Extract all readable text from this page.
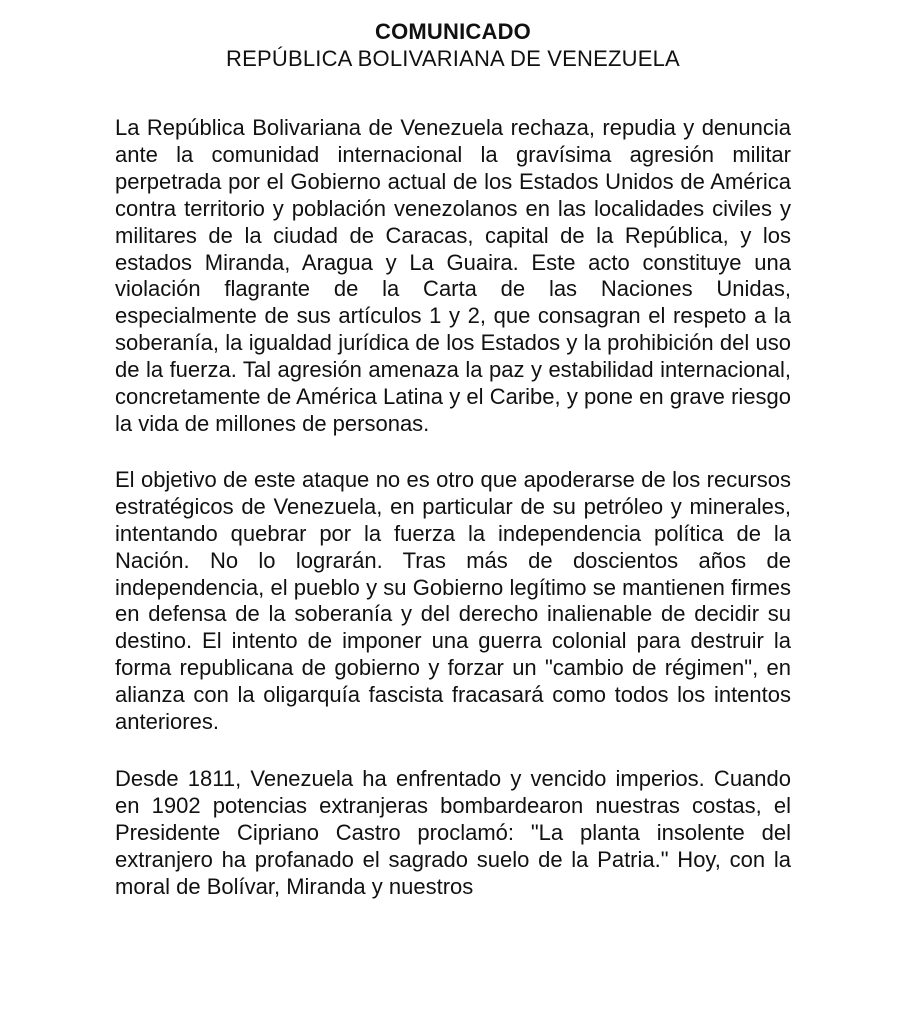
COMUNICADO
REPÚBLICA BOLIVARIANA DE VENEZUELA

La República Bolivariana de Venezuela rechaza, repudia y denuncia ante la comunidad internacional la gravísima agresión militar perpetrada por el Gobierno actual de los Estados Unidos de América contra territorio y población venezolanos en las localidades civiles y militares de la ciudad de Caracas, capital de la República, y los estados Miranda, Aragua y La Guaira. Este acto constituye una violación flagrante de la Carta de las Naciones Unidas, especialmente de sus artículos 1 y 2, que consagran el respeto a la soberanía, la igualdad jurídica de los Estados y la prohibición del uso de la fuerza. Tal agresión amenaza la paz y estabilidad internacional, concretamente de América Latina y el Caribe, y pone en grave riesgo la vida de millones de personas.

El objetivo de este ataque no es otro que apoderarse de los recursos estratégicos de Venezuela, en particular de su petróleo y minerales, intentando quebrar por la fuerza la independencia política de la Nación. No lo lograrán. Tras más de doscientos años de independencia, el pueblo y su Gobierno legítimo se mantienen firmes en defensa de la soberanía y del derecho inalienable de decidir su destino. El intento de imponer una guerra colonial para destruir la forma republicana de gobierno y forzar un "cambio de régimen", en alianza con la oligarquía fascista fracasará como todos los intentos anteriores.

Desde 1811, Venezuela ha enfrentado y vencido imperios. Cuando en 1902 potencias extranjeras bombardearon nuestras costas, el Presidente Cipriano Castro proclamó: "La planta insolente del extranjero ha profanado el sagrado suelo de la Patria." Hoy, con la moral de Bolívar, Miranda y nuestros
